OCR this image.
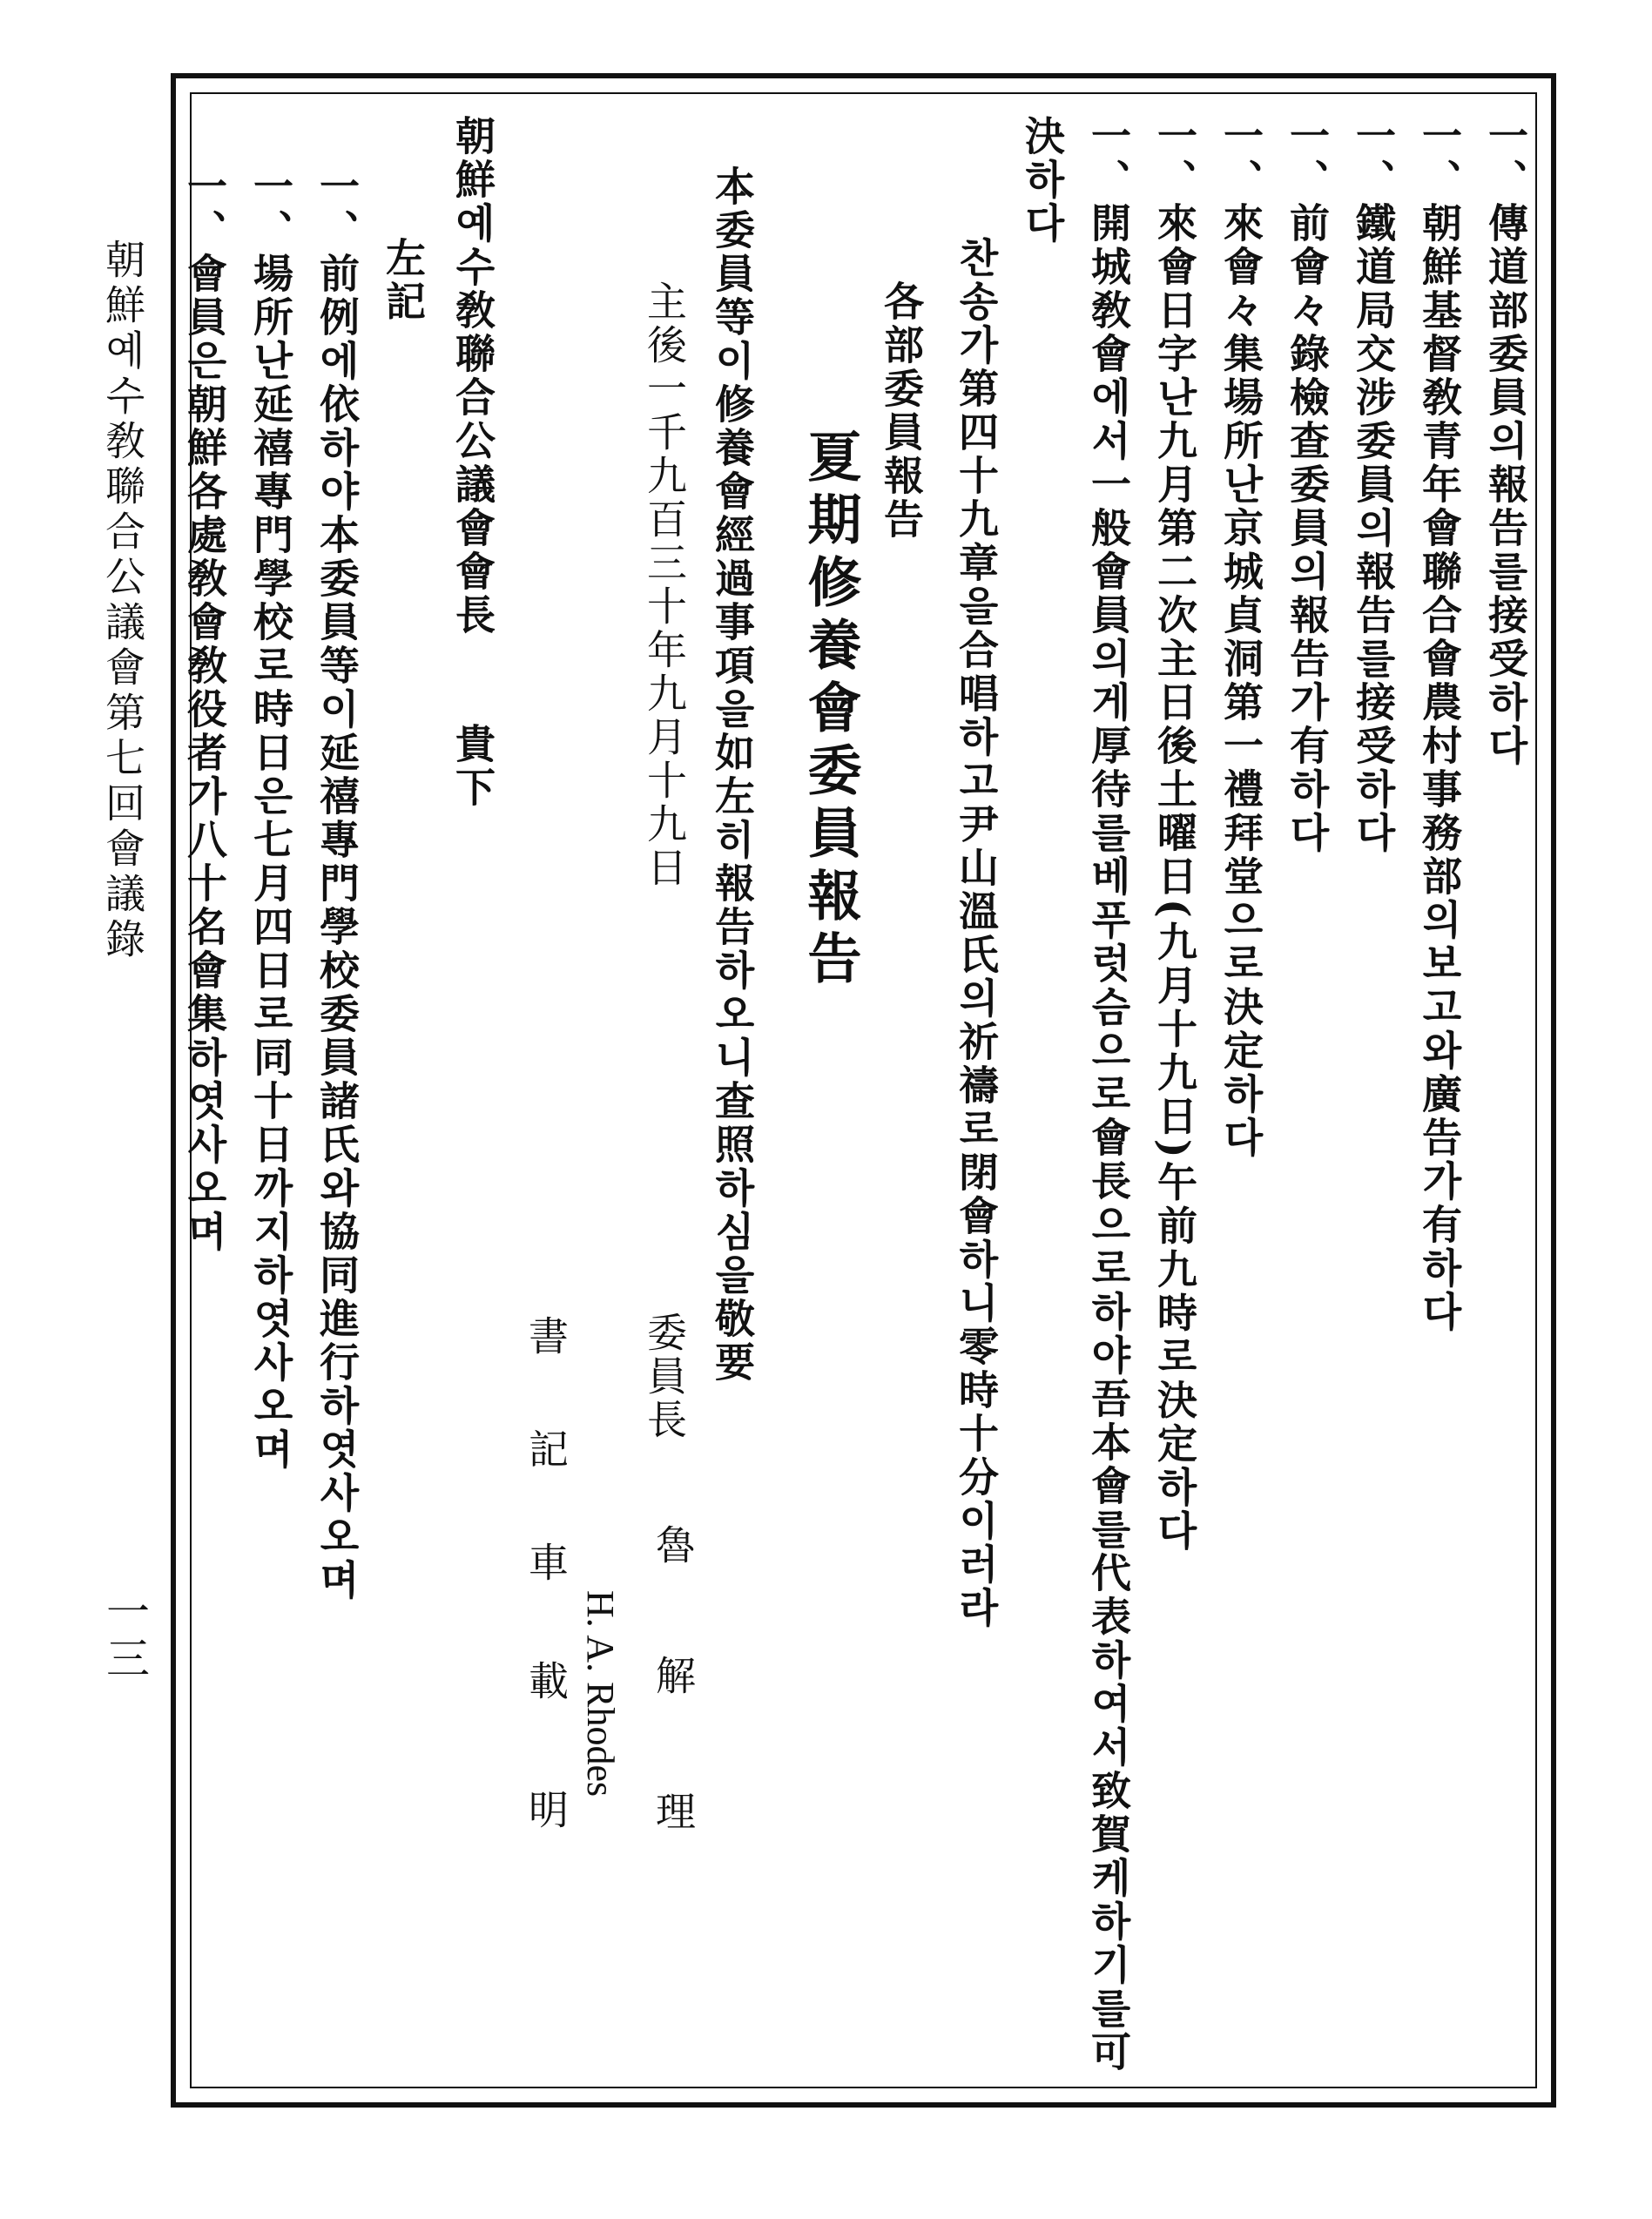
朝鮮예수敎聯合公議會第七回會議錄
一三
一、傳道部委員의報告를接受하다
一、朝鮮基督敎青年會聯合會農村事務部의보고와廣告가有하다
一、鐵道局交涉委員의報告를接受하다
一、前會々錄檢查委員의報告가有하다
一、來會々集場所난京城貞洞第一禮拜堂으로決定하다
一、來會日字난九月第二次主日後土曜日(九月十九日)午前九時로決定하다
一、開城敎會에서一般會員의게厚待를베푸럿슴으로會長으로하야吾本會를代表하여서致賀케하기를可
決하다
찬송가第四十九章을合唱하고尹山溫氏의祈禱로閉會하니零時十分이러라
各部委員報告
夏期修養會委員報告
本委員等이修養會經過事項을如左히報告하오니查照하심을敬要
主後一千九百三十年九月十九日
委員長
魯
解
理
H. A. Rhodes
書
記
車
載
明
朝鮮예수敎聯合公議會會長
貴下
左記
一、前例에依하야本委員等이延禧專門學校委員諸氏와協同進行하엿사오며
一、場所난延禧專門學校로時日은七月四日로同十日까지하엿사오며
一、會員은朝鮮各處敎會敎役者가八十名會集하엿사오며
